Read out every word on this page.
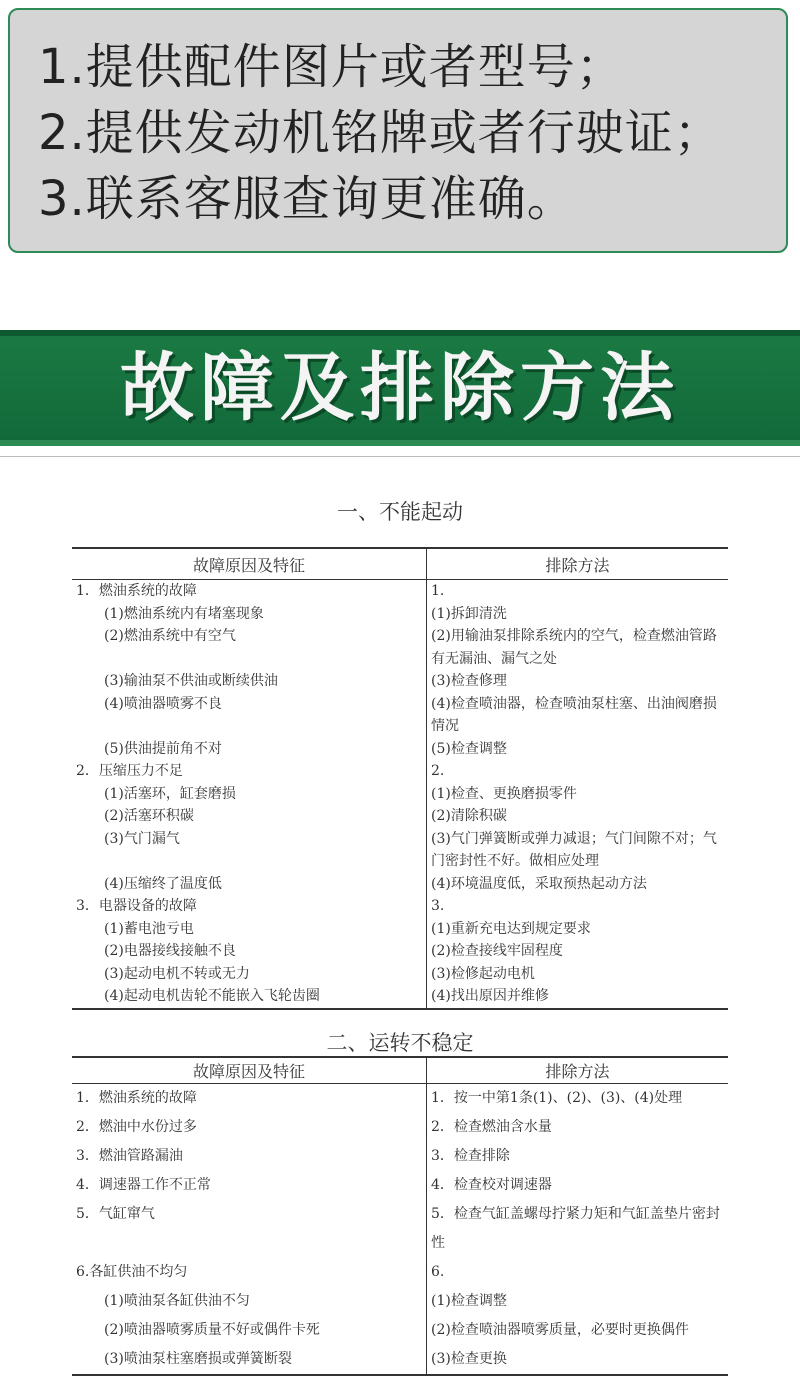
1.提供配件图片或者型号；
2.提供发动机铭牌或者行驶证；
3.联系客服查询更准确。
故障及排除方法
一、不能起动
故障原因及特征	排除方法
1．燃油系统的故障	1.
(1)燃油系统内有堵塞现象	(1)拆卸清洗
(2)燃油系统中有空气	(2)用输油泵排除系统内的空气，检查燃油管路有无漏油、漏气之处
(3)输油泵不供油或断续供油	(3)检查修理
(4)喷油器喷雾不良	(4)检查喷油器，检查喷油泵柱塞、出油阀磨损情况
(5)供油提前角不对	(5)检查调整
2．压缩压力不足	2.
(1)活塞环，缸套磨损	(1)检查、更换磨损零件
(2)活塞环积碳	(2)清除积碳
(3)气门漏气	(3)气门弹簧断或弹力减退；气门间隙不对；气门密封性不好。做相应处理
(4)压缩终了温度低	(4)环境温度低，采取预热起动方法
3．电器设备的故障	3.
(1)蓄电池亏电	(1)重新充电达到规定要求
(2)电器接线接触不良	(2)检查接线牢固程度
(3)起动电机不转或无力	(3)检修起动电机
(4)起动电机齿轮不能嵌入飞轮齿圈	(4)找出原因并维修
二、运转不稳定
故障原因及特征	排除方法
1．燃油系统的故障	1．按一中第1条(1)、(2)、(3)、(4)处理
2．燃油中水份过多	2．检查燃油含水量
3．燃油管路漏油	3．检查排除
4．调速器工作不正常	4．检查校对调速器
5．气缸窜气	5．检查气缸盖螺母拧紧力矩和气缸盖垫片密封性
6.各缸供油不均匀	6.
(1)喷油泵各缸供油不匀	(1)检查调整
(2)喷油器喷雾质量不好或偶件卡死	(2)检查喷油器喷雾质量，必要时更换偶件
(3)喷油泵柱塞磨损或弹簧断裂	(3)检查更换
